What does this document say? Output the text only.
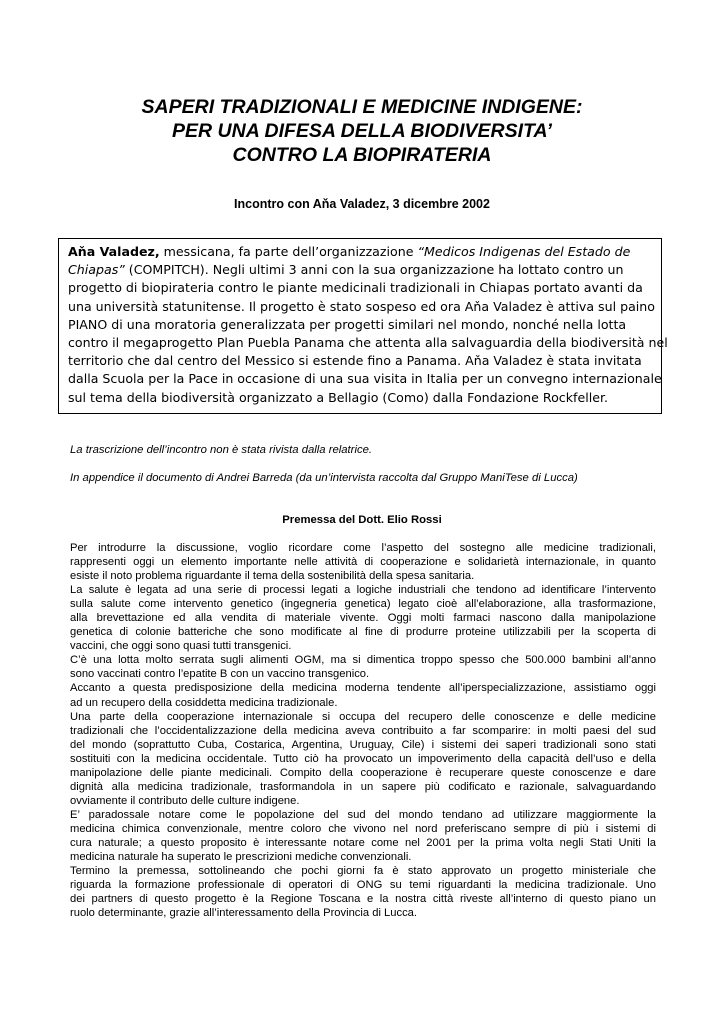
SAPERI TRADIZIONALI E MEDICINE INDIGENE:
PER UNA DIFESA DELLA BIODIVERSITA’
CONTRO LA BIOPIRATERIA
Incontro con Aňa Valadez, 3 dicembre 2002
Aňa Valadez, messicana, fa parte dell’organizzazione “Medicos Indigenas del Estado de
Chiapas” (COMPITCH). Negli ultimi 3 anni con la sua organizzazione ha lottato contro un
progetto di biopirateria contro le piante medicinali tradizionali in Chiapas portato avanti da
una università statunitense. Il progetto è stato sospeso ed ora Aňa Valadez è attiva sul paino
PIANO di una moratoria generalizzata per progetti similari nel mondo, nonché nella lotta
contro il megaprogetto Plan Puebla Panama che attenta alla salvaguardia della biodiversità nel
territorio che dal centro del Messico si estende fino a Panama. Aňa Valadez è stata invitata
dalla Scuola per la Pace in occasione di una sua visita in Italia per un convegno internazionale
sul tema della biodiversità organizzato a Bellagio (Como) dalla Fondazione Rockfeller.
La trascrizione dell’incontro non è stata rivista dalla relatrice.
In appendice il documento di Andrei Barreda (da un’intervista raccolta dal Gruppo ManiTese di Lucca)
Premessa del Dott. Elio Rossi
Per introdurre la discussione, voglio ricordare come l’aspetto del sostegno alle medicine tradizionali,
rappresenti oggi un elemento importante nelle attività di cooperazione e solidarietà internazionale, in quanto
esiste il noto problema riguardante il tema della sostenibilità della spesa sanitaria.
La salute è legata ad una serie di processi legati a logiche industriali che tendono ad identificare l’intervento
sulla salute come intervento genetico (ingegneria genetica) legato cioè all’elaborazione, alla trasformazione,
alla brevettazione ed alla vendita di materiale vivente. Oggi molti farmaci nascono dalla manipolazione
genetica di colonie batteriche che sono modificate al fine di produrre proteine utilizzabili per la scoperta di
vaccini, che oggi sono quasi tutti transgenici.
C’è una lotta molto serrata sugli alimenti OGM, ma si dimentica troppo spesso che 500.000 bambini all’anno
sono vaccinati contro l’epatite B con un vaccino transgenico.
Accanto a questa predisposizione della medicina moderna tendente all’iperspecializzazione, assistiamo oggi
ad un recupero della cosiddetta medicina tradizionale.
Una parte della cooperazione internazionale si occupa del recupero delle conoscenze e delle medicine
tradizionali che l’occidentalizzazione della medicina aveva contribuito a far scomparire: in molti paesi del sud
del mondo (soprattutto Cuba, Costarica, Argentina, Uruguay, Cile) i sistemi dei saperi tradizionali sono stati
sostituiti con la medicina occidentale. Tutto ciò ha provocato un impoverimento della capacità dell’uso e della
manipolazione delle piante medicinali. Compito della cooperazione è recuperare queste conoscenze e dare
dignità alla medicina tradizionale, trasformandola in un sapere più codificato e razionale, salvaguardando
ovviamente il contributo delle culture indigene.
E’ paradossale notare come le popolazione del sud del mondo tendano ad utilizzare maggiormente la
medicina chimica convenzionale, mentre coloro che vivono nel nord preferiscano sempre di più i sistemi di
cura naturale; a questo proposito è interessante notare come nel 2001 per la prima volta negli Stati Uniti la
medicina naturale ha superato le prescrizioni mediche convenzionali.
Termino la premessa, sottolineando che pochi giorni fa è stato approvato un progetto ministeriale che
riguarda la formazione professionale di operatori di ONG su temi riguardanti la medicina tradizionale. Uno
dei partners di questo progetto è la Regione Toscana e la nostra città riveste all’interno di questo piano un
ruolo determinante, grazie all’interessamento della Provincia di Lucca.
